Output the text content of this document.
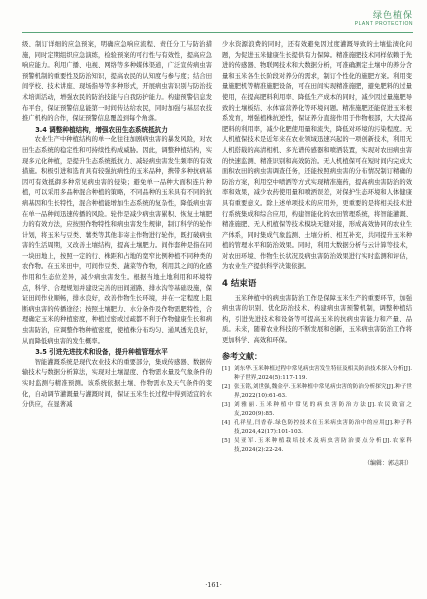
绿色植保
PLANT PROTECTION

级、制订详细的应急预案，明确应急响应流程、责任分工与防治措施，同时定期组织应急演练，检验预案的可行性与有效性，提高应急响应能力。利用广播、电视、网络等多种媒体渠道，广泛宣传病虫害预警机制的重要性及防治知识，提高农民的认知度与参与度；结合田间学校、技术讲座、现场指导等多种形式，开展病虫害识别与防治技术培训活动，增强农民的防治技能与自我防护能力。构建预警信息发布平台，保证预警信息能第一时间传达给农民，同时加强与基层农技推广机构的合作，保证预警信息覆盖到每个角落。

3.4 调整种植结构，增强农田生态系统抵抗力

农业生产中种植结构的单一化往往加剧病虫害的暴发风险，对农田生态系统的稳定性和可持续性构成威胁。因此，调整种植结构，实现多元化种植，是提升生态系统抵抗力、减轻病虫害发生频率的有效措施。积极引进和选育具有较强抗病性的玉米品种，携带多种抗病基因可有效抵御多种常见病虫害的侵染；避免单一品种大面积连片种植，可以采用多品种混合种植的策略，不同品种的玉米具有不同的抗病基因和生长特性，混合种植能增加生态系统的复杂性，降低病虫害在单一品种间迅速传播的风险。轮作是减少病虫害累积、恢复土壤肥力的有效方法，应按照作物特性和病虫害发生规律，制订科学的轮作计划，将玉米与豆类、薯类等其他非寄主作物进行轮作，既打破病虫害的生活周期，又改善土壤结构，提高土壤肥力。间作套种是指在同一块田地上，按照一定的行、株距和占地的宽窄比例种植不同种类的农作物。在玉米田中，可间作豆类、蔬菜等作物，利用其之间的化感作用和生态位差异，减少病虫害发生。根据当地土地利用和环境特点，科学、合理规划并建设完善的田间道路、排水沟等基础设施，保证田间作业顺畅，排水良好，改善作物生长环境，并在一定程度上阻断病虫害的传播途径；按照土壤肥力、水分条件及作物需肥特性，合理确定玉米的种植密度，种植过密或过疏都不利于作物健康生长和病虫害防治，应调整作物种植密度，使植株分布均匀、通风透光良好，从而降低病虫害的发生概率。

3.5 引进先进技术和设备，提升种植管理水平

智能灌溉系统是现代农业技术的重要部分，集成传感器、数据传输技术与数据分析算法，实现对土壤湿度、作物需水量及气象条件的实时监测与精准预测。该系统依据土壤、作物需水及天气条件的变化，自动调节灌溉量与灌溉时间，保证玉米生长过程中得到适宜的水分供应，在显著减

少水资源浪费的同时，还有效避免因过度灌溉导致的土壤盐渍化问题，为促进玉米健康生长提供有力保障。精准施肥技术同样依赖于先进的传感器、物联网技术和大数据分析，可准确测定土壤中的养分含量和玉米各生长阶段对养分的需求，制订个性化的施肥方案。利用变量施肥机等精准施肥设备，可在田间实现精准施肥，避免肥料的过量使用，在提高肥料利用率、降低生产成本的同时，减少因过量施肥导致的土壤板结、水体富营养化等环境问题。精准施肥还能促进玉米根系发育，增强植株抗逆性，保证养分直接作用于作物根部，大大提高肥料的利用率，减少化肥使用量和流失，降低对环境的污染程度。无人机植保技术是近年来在农业领域迅速兴起的一项创新技术，利用无人机搭载的高清相机、多光谱传感器和喷洒装置，实现对农田病虫害的快速监测、精准识别和高效防治。无人机植保可在短时间内完成大面积农田的病虫害调查任务，还能按照病虫害的分布情况制订精确的防治方案，利用空中喷洒等方式实现精准施药，提高病虫害防治的效率和效果，减少农药使用量和喷洒误差，对保护生态环境和人体健康具有重要意义。除上述单项技术的应用外，更重要的是将相关技术进行系统集成和综合应用，构建智能化的农田管理系统，将智能灌溉、精准施肥、无人机植保等技术模块无缝对接，形成高效协同的农业生产体系，同时集成气象监测、土壤分析、相互补充，共同提升玉米种植的管理水平和防治效果。同时，利用大数据分析与云计算等技术，对农田环境、作物生长状况及病虫害防治效果进行实时监测和评估，为农业生产提供科学决策依据。

4 结束语

玉米种植中的病虫害防治工作是保障玉米生产的重要环节，加强病虫害的识别、优化防治技术、构建病虫害预警机制，调整种植结构，引进先进技术和设备等可提高玉米的抗病虫害能力和产量、品质。未来，随着农业科技的不断发展和创新，玉米病虫害防治工作将更加科学、高效和环保。

参考文献：
[1] 刘东华.玉米种植过程中常见病虫害发生特征及相关防治技术探入分析[J].种子世界,2024(5):117-119.
[2] 张玉铭,刘世强,魏金亭.玉米种植中常见病虫害的防治分析探究[J].种子世界,2022(10):61-63.
[3] 刘雅丽.玉米种植中常见的病虫害防治方法[J].农民致富之友,2020(9):85.
[4] 孔祥星,闫香春.绿色防控技术在玉米病虫害防治中的应用[J].种子科技,2024,42(17):101-103.
[5] 吴亚军.玉米种植栽培技术及病虫害防治要点分析[J].农家科技,2024(2):22-24.
（编辑：郭志阳）
·161·
